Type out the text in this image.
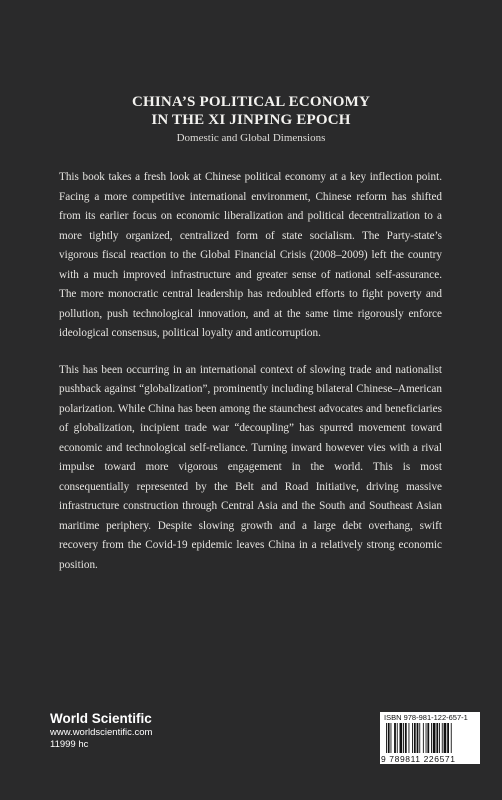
CHINA’S POLITICAL ECONOMY
IN THE XI JINPING EPOCH
Domestic and Global Dimensions

This book takes a fresh look at Chinese political economy at a key inflection point. Facing a more competitive international environment, Chinese reform has shifted from its earlier focus on economic liberalization and political decentralization to a more tightly organized, centralized form of state socialism. The Party-state’s vigorous fiscal reaction to the Global Financial Crisis (2008–2009) left the country with a much improved infrastructure and greater sense of national self-assurance. The more monocratic central leadership has redoubled efforts to fight poverty and pollution, push technological innovation, and at the same time rigorously enforce ideological consensus, political loyalty and anticorruption.

This has been occurring in an international context of slowing trade and nationalist pushback against “globalization”, prominently including bilateral Chinese–American polarization. While China has been among the staunchest advocates and beneficiaries of globalization, incipient trade war “decoupling” has spurred movement toward economic and technological self-reliance. Turning inward however vies with a rival impulse toward more vigorous engagement in the world. This is most consequentially represented by the Belt and Road Initiative, driving massive infrastructure construction through Central Asia and the South and Southeast Asian maritime periphery. Despite slowing growth and a large debt overhang, swift recovery from the Covid-19 epidemic leaves China in a relatively strong economic position.

World Scientific
www.worldscientific.com
11999 hc
ISBN 978-981-122-657-1
9 789811 226571
